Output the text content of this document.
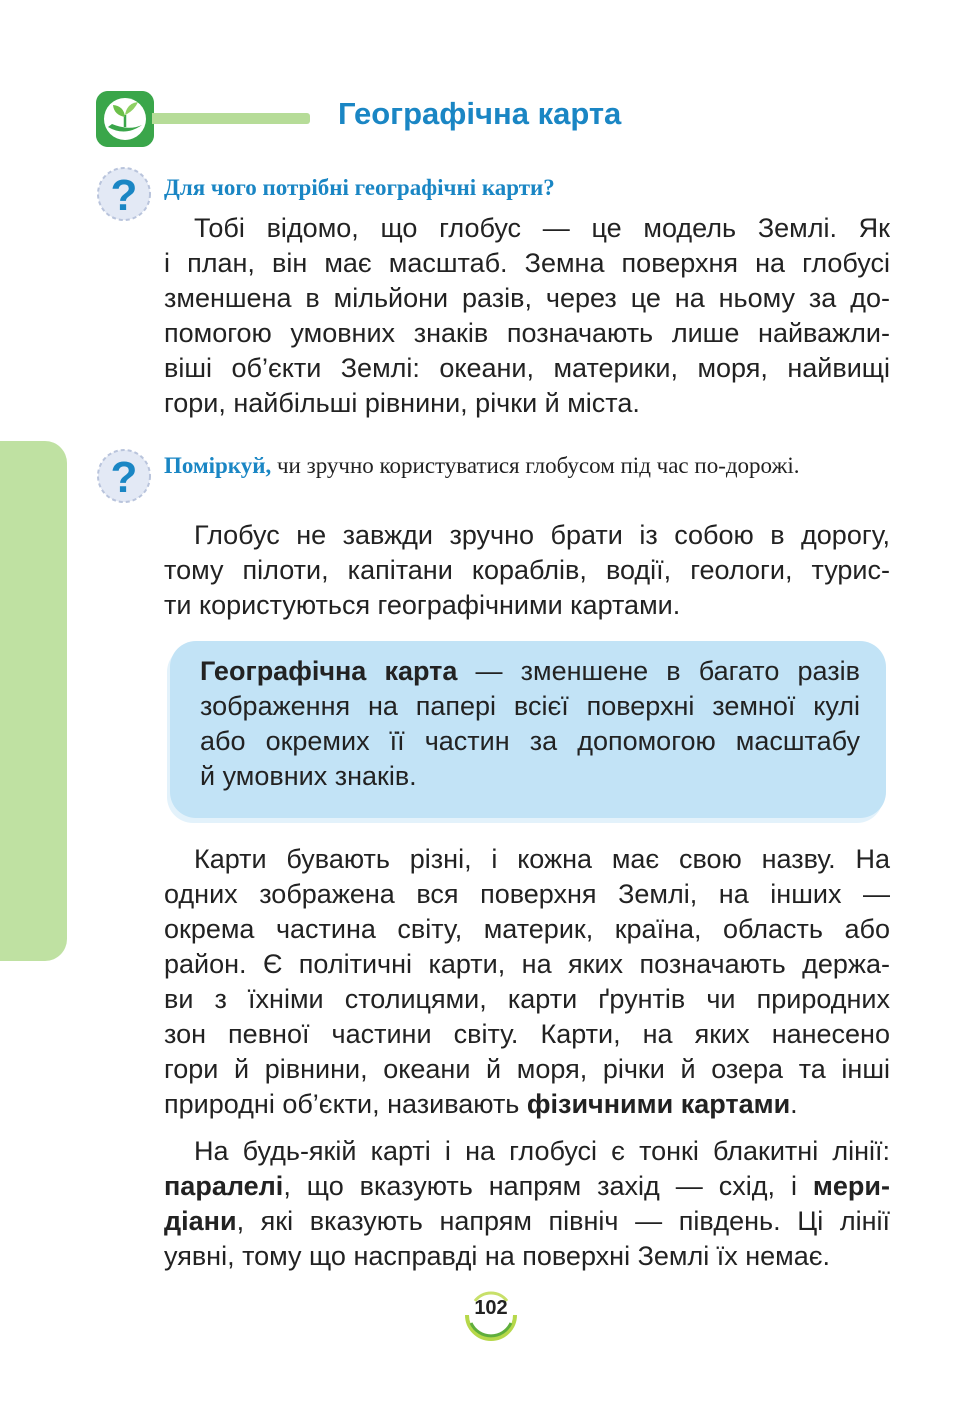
Географічна карта
? Для чого потрібні географічні карти?

Тобі відомо, що глобус — це модель Землі. Як
і план, він має масштаб. Земна поверхня на глобусі
зменшена в мільйони разів, через це на ньому за до-
помогою умовних знаків позначають лише найважли-
віші об’єкти Землі: океани, материки, моря, найвищі
гори, найбільші рівнини, річки й міста.

? Поміркуй, чи зручно користуватися глобусом під час по-дорожі.

Глобус не завжди зручно брати із собою в дорогу,
тому пілоти, капітани кораблів, водії, геологи, турис-
ти користуються географічними картами.

Географічна карта — зменшене в багато разів
зображення на папері всієї поверхні земної кулі
або окремих її частин за допомогою масштабу
й умовних знаків.

Карти бувають різні, і кожна має свою назву. На
одних зображена вся поверхня Землі, на інших —
окрема частина світу, материк, країна, область або
район. Є політичні карти, на яких позначають держа-
ви з їхніми столицями, карти ґрунтів чи природних
зон певної частини світу. Карти, на яких нанесено
гори й рівнини, океани й моря, річки й озера та інші
природні об’єкти, називають фізичними картами.

На будь-якій карті і на глобусі є тонкі блакитні лінії:
паралелі, що вказують напрям захід — схід, і мери-
діани, які вказують напрям північ — південь. Ці лінії
уявні, тому що насправді на поверхні Землі їх немає.

102
